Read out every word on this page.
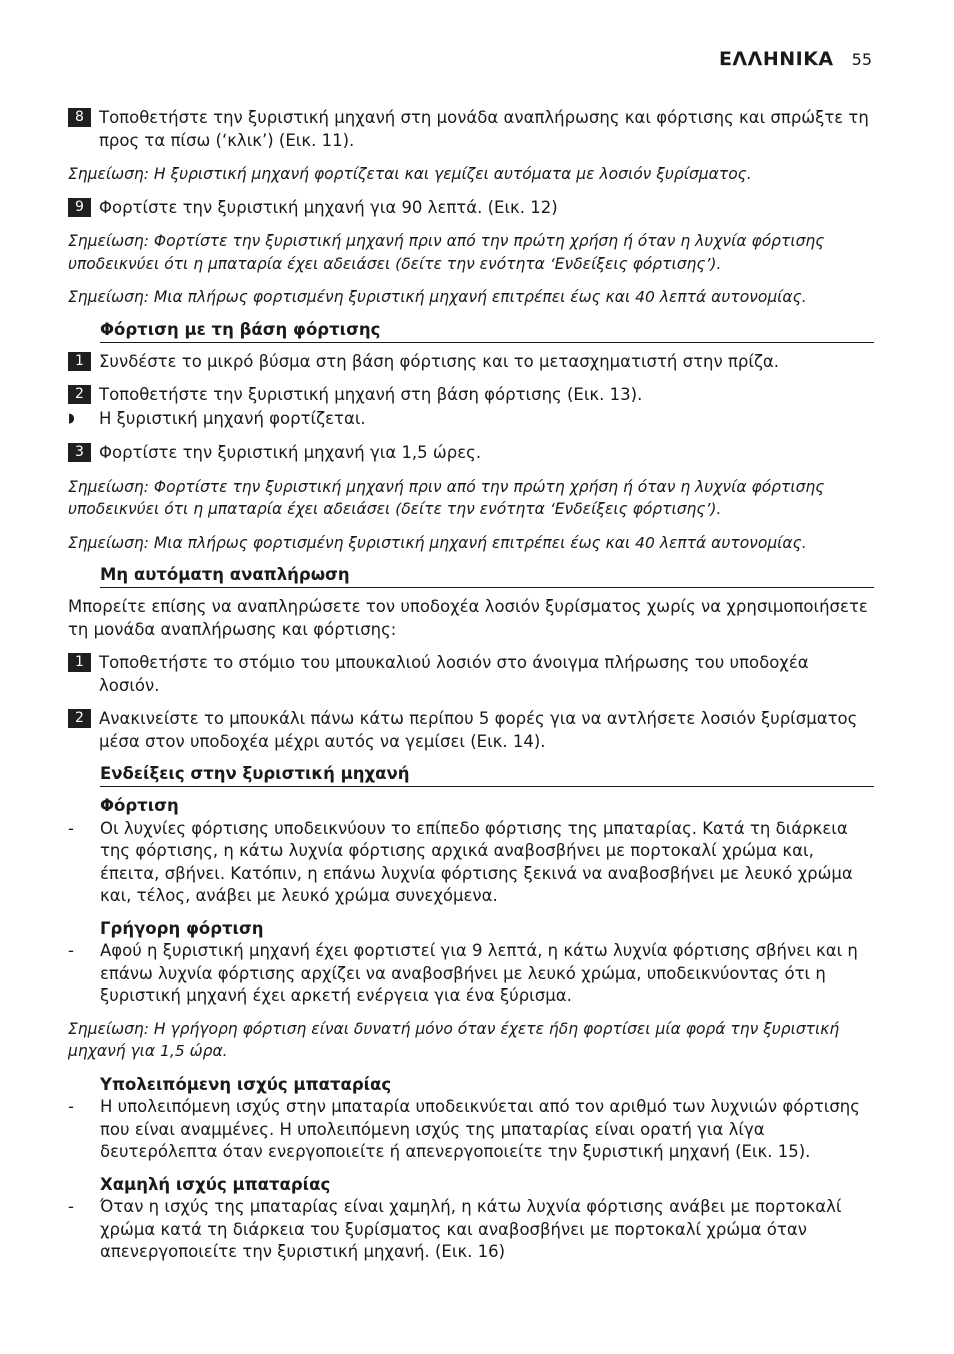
ΕΛΛΗΝΙΚΑ 55
8 Τοποθετήστε την ξυριστική μηχανή στη μονάδα αναπλήρωσης και φόρτισης και σπρώξτε τη προς τα πίσω (‘κλικ’) (Εικ. 11).
Σημείωση: Η ξυριστική μηχανή φορτίζεται και γεμίζει αυτόματα με λοσιόν ξυρίσματος.
9 Φορτίστε την ξυριστική μηχανή για 90 λεπτά. (Εικ. 12)
Σημείωση: Φορτίστε την ξυριστική μηχανή πριν από την πρώτη χρήση ή όταν η λυχνία φόρτισης υποδεικνύει ότι η μπαταρία έχει αδειάσει (δείτε την ενότητα ‘Ενδείξεις φόρτισης’).
Σημείωση: Μια πλήρως φορτισμένη ξυριστική μηχανή επιτρέπει έως και 40 λεπτά αυτονομίας.
Φόρτιση με τη βάση φόρτισης
1 Συνδέστε το μικρό βύσμα στη βάση φόρτισης και το μετασχηματιστή στην πρίζα.
2 Τοποθετήστε την ξυριστική μηχανή στη βάση φόρτισης (Εικ. 13).
◗	Η ξυριστική μηχανή φορτίζεται.
3 Φορτίστε την ξυριστική μηχανή για 1,5 ώρες.
Σημείωση: Φορτίστε την ξυριστική μηχανή πριν από την πρώτη χρήση ή όταν η λυχνία φόρτισης υποδεικνύει ότι η μπαταρία έχει αδειάσει (δείτε την ενότητα ‘Ενδείξεις φόρτισης’).
Σημείωση: Μια πλήρως φορτισμένη ξυριστική μηχανή επιτρέπει έως και 40 λεπτά αυτονομίας.
Μη αυτόματη αναπλήρωση
Μπορείτε επίσης να αναπληρώσετε τον υποδοχέα λοσιόν ξυρίσματος χωρίς να χρησιμοποιήσετε τη μονάδα αναπλήρωσης και φόρτισης:
1 Τοποθετήστε το στόμιο του μπουκαλιού λοσιόν στο άνοιγμα πλήρωσης του υποδοχέα λοσιόν.
2 Ανακινείστε το μπουκάλι πάνω κάτω περίπου 5 φορές για να αντλήσετε λοσιόν ξυρίσματος μέσα στον υποδοχέα μέχρι αυτός να γεμίσει (Εικ. 14).
Ενδείξεις στην ξυριστική μηχανή
Φόρτιση
-	Οι λυχνίες φόρτισης υποδεικνύουν το επίπεδο φόρτισης της μπαταρίας. Κατά τη διάρκεια της φόρτισης, η κάτω λυχνία φόρτισης αρχικά αναβοσβήνει με πορτοκαλί χρώμα και, έπειτα, σβήνει. Κατόπιν, η επάνω λυχνία φόρτισης ξεκινά να αναβοσβήνει με λευκό χρώμα και, τέλος, ανάβει με λευκό χρώμα συνεχόμενα.
Γρήγορη φόρτιση
-	Αφού η ξυριστική μηχανή έχει φορτιστεί για 9 λεπτά, η κάτω λυχνία φόρτισης σβήνει και η επάνω λυχνία φόρτισης αρχίζει να αναβοσβήνει με λευκό χρώμα, υποδεικνύοντας ότι η ξυριστική μηχανή έχει αρκετή ενέργεια για ένα ξύρισμα.
Σημείωση: Η γρήγορη φόρτιση είναι δυνατή μόνο όταν έχετε ήδη φορτίσει μία φορά την ξυριστική μηχανή για 1,5 ώρα.
Υπολειπόμενη ισχύς μπαταρίας
-	Η υπολειπόμενη ισχύς στην μπαταρία υποδεικνύεται από τον αριθμό των λυχνιών φόρτισης που είναι αναμμένες. Η υπολειπόμενη ισχύς της μπαταρίας είναι ορατή για λίγα δευτερόλεπτα όταν ενεργοποιείτε ή απενεργοποιείτε την ξυριστική μηχανή (Εικ. 15).
Χαμηλή ισχύς μπαταρίας
-	Όταν η ισχύς της μπαταρίας είναι χαμηλή, η κάτω λυχνία φόρτισης ανάβει με πορτοκαλί χρώμα κατά τη διάρκεια του ξυρίσματος και αναβοσβήνει με πορτοκαλί χρώμα όταν απενεργοποιείτε την ξυριστική μηχανή. (Εικ. 16)
